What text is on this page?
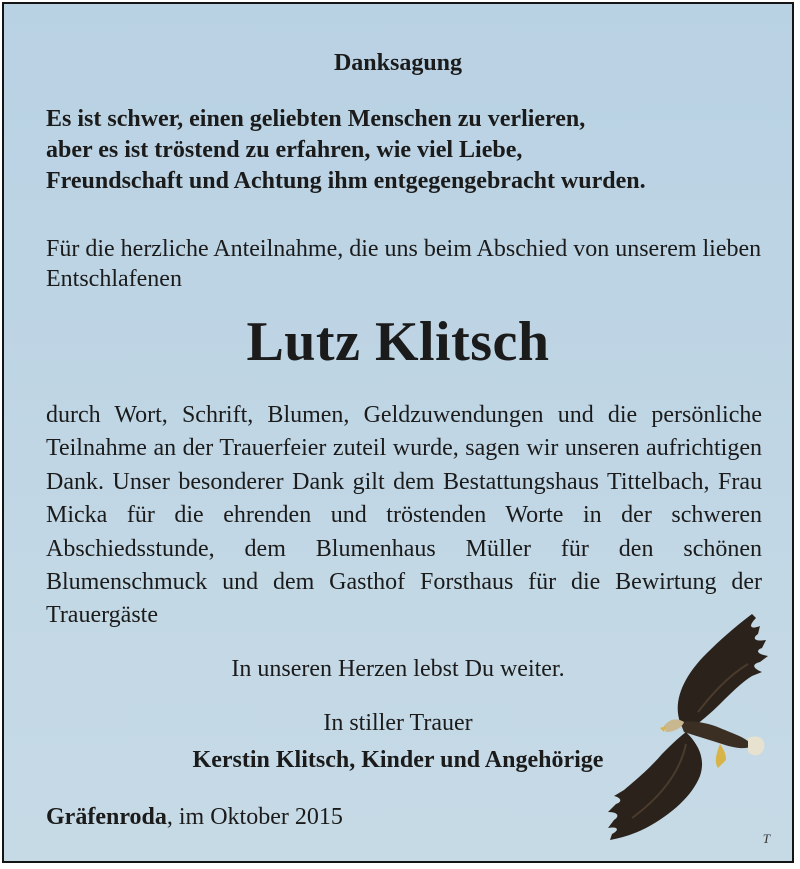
Danksagung
Es ist schwer, einen geliebten Menschen zu verlieren,
aber es ist tröstend zu erfahren, wie viel Liebe,
Freundschaft und Achtung ihm entgegengebracht wurden.
Für die herzliche Anteilnahme, die uns beim Abschied von unserem lieben Entschlafenen
Lutz Klitsch
durch Wort, Schrift, Blumen, Geldzuwendungen und die persönliche Teilnahme an der Trauerfeier zuteil wurde, sagen wir unseren aufrichtigen Dank. Unser besonderer Dank gilt dem Bestattungshaus Tittelbach, Frau Micka für die ehrenden und tröstenden Worte in der schweren Abschiedsstunde, dem Blumenhaus Müller für den schönen Blumenschmuck und dem Gasthof Forsthaus für die Bewirtung der Trauergäste
In unseren Herzen lebst Du weiter.
In stiller Trauer
Kerstin Klitsch, Kinder und Angehörige
Gräfenroda, im Oktober 2015
T
